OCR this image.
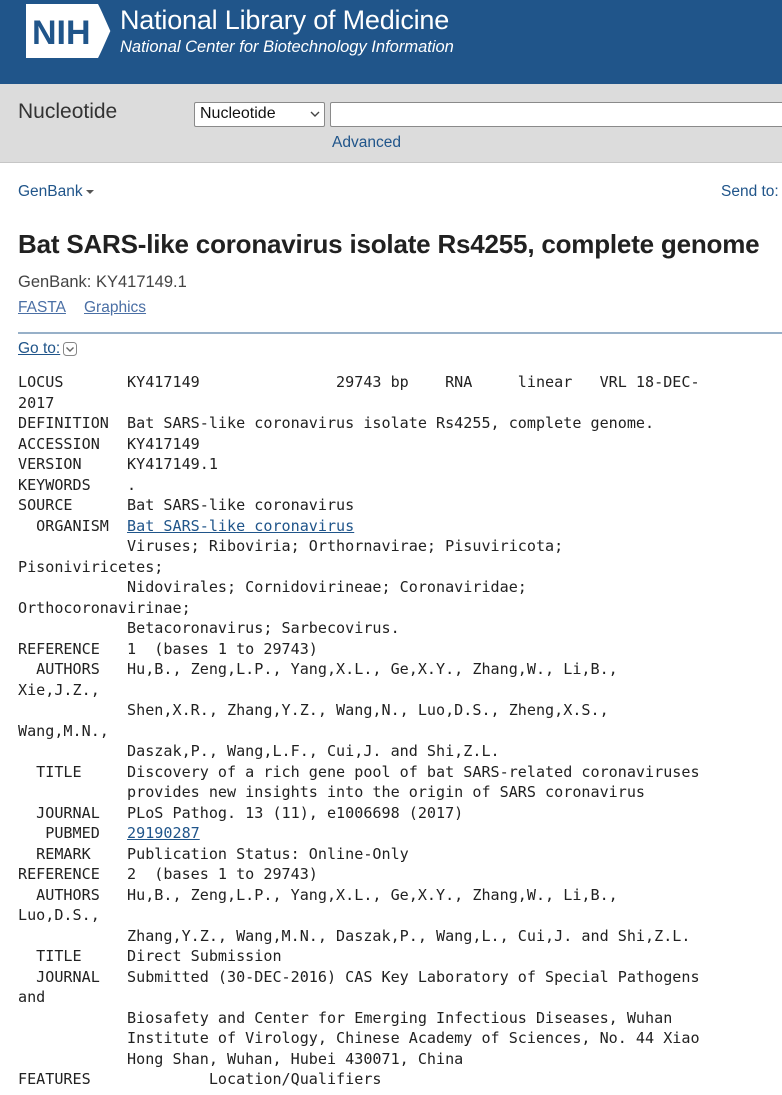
NIH National Library of Medicine
National Center for Biotechnology Information
Nucleotide	Nucleotide
Advanced
GenBank	Send to:
Bat SARS-like coronavirus isolate Rs4255, complete genome
GenBank: KY417149.1
FASTA Graphics
Go to:
LOCUS       KY417149               29743 bp    RNA     linear   VRL 18-DEC-
2017
DEFINITION  Bat SARS-like coronavirus isolate Rs4255, complete genome.
ACCESSION   KY417149
VERSION     KY417149.1
KEYWORDS    .
SOURCE      Bat SARS-like coronavirus
ORGANISM  Bat SARS-like coronavirus
Viruses; Riboviria; Orthornavirae; Pisuviricota;
Pisoniviricetes;
Nidovirales; Cornidovirineae; Coronaviridae;
Orthocoronavirinae;
Betacoronavirus; Sarbecovirus.
REFERENCE   1  (bases 1 to 29743)
AUTHORS   Hu,B., Zeng,L.P., Yang,X.L., Ge,X.Y., Zhang,W., Li,B.,
Xie,J.Z.,
Shen,X.R., Zhang,Y.Z., Wang,N., Luo,D.S., Zheng,X.S.,
Wang,M.N.,
Daszak,P., Wang,L.F., Cui,J. and Shi,Z.L.
TITLE     Discovery of a rich gene pool of bat SARS-related coronaviruses
provides new insights into the origin of SARS coronavirus
JOURNAL   PLoS Pathog. 13 (11), e1006698 (2017)
PUBMED   29190287
REMARK    Publication Status: Online-Only
REFERENCE   2  (bases 1 to 29743)
AUTHORS   Hu,B., Zeng,L.P., Yang,X.L., Ge,X.Y., Zhang,W., Li,B.,
Luo,D.S.,
Zhang,Y.Z., Wang,M.N., Daszak,P., Wang,L., Cui,J. and Shi,Z.L.
TITLE     Direct Submission
JOURNAL   Submitted (30-DEC-2016) CAS Key Laboratory of Special Pathogens
and
Biosafety and Center for Emerging Infectious Diseases, Wuhan
Institute of Virology, Chinese Academy of Sciences, No. 44 Xiao
Hong Shan, Wuhan, Hubei 430071, China
FEATURES             Location/Qualifiers
